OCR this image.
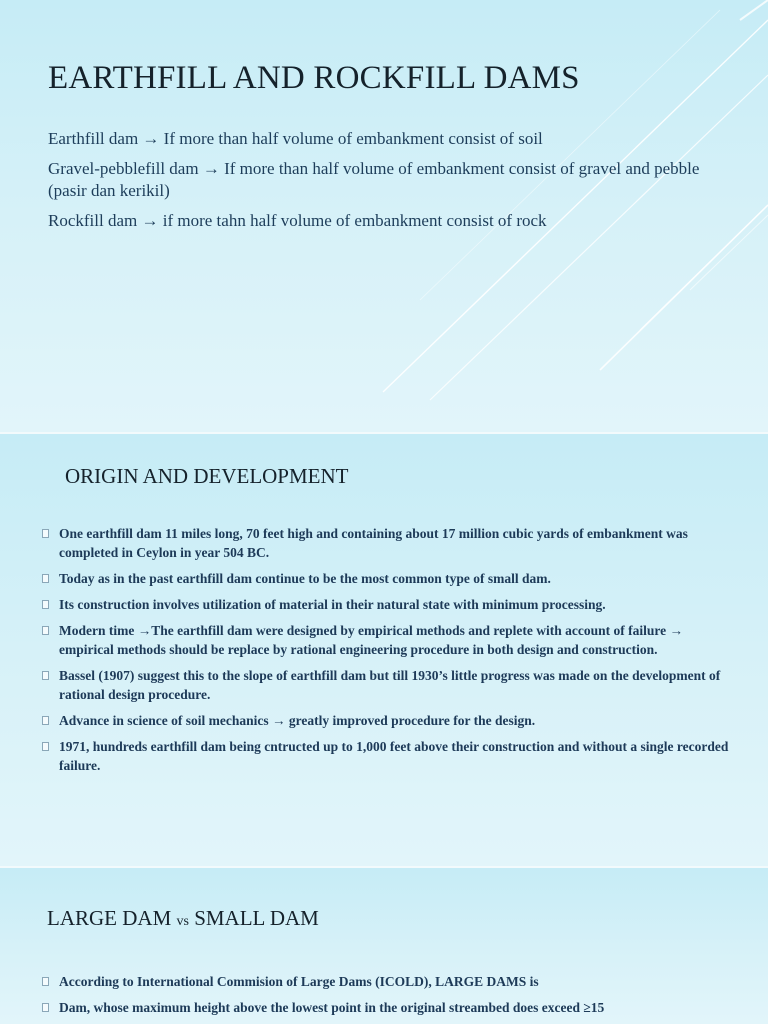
EARTHFILL AND ROCKFILL DAMS

Earthfill dam → If more than half volume of embankment consist of soil

Gravel-pebblefill dam → If more than half volume of embankment consist of gravel and pebble (pasir dan kerikil)

Rockfill dam → if more tahn half volume of embankment consist of rock

ORIGIN AND DEVELOPMENT
One earthfill dam 11 miles long, 70 feet high and containing about 17 million cubic yards of embankment was completed in Ceylon in year 504 BC.
Today as in the past earthfill dam continue to be the most common type of small dam.
Its construction involves utilization of material in their natural state with minimum processing.
Modern time →The earthfill dam were designed by empirical methods and replete with account of failure → empirical methods should be replace by rational engineering procedure in both design and construction.
Bassel (1907) suggest this to the slope of earthfill dam but till 1930’s little progress was made on the development of rational design procedure.
Advance in science of soil mechanics → greatly improved procedure for the design.
1971, hundreds earthfill dam being cntructed up to 1,000 feet above their construction and without a single recorded failure.
LARGE DAM vs SMALL DAM
According to International Commision of Large Dams (ICOLD), LARGE DAMS is
Dam, whose maximum height above the lowest point in the original streambed does exceed ≥15
